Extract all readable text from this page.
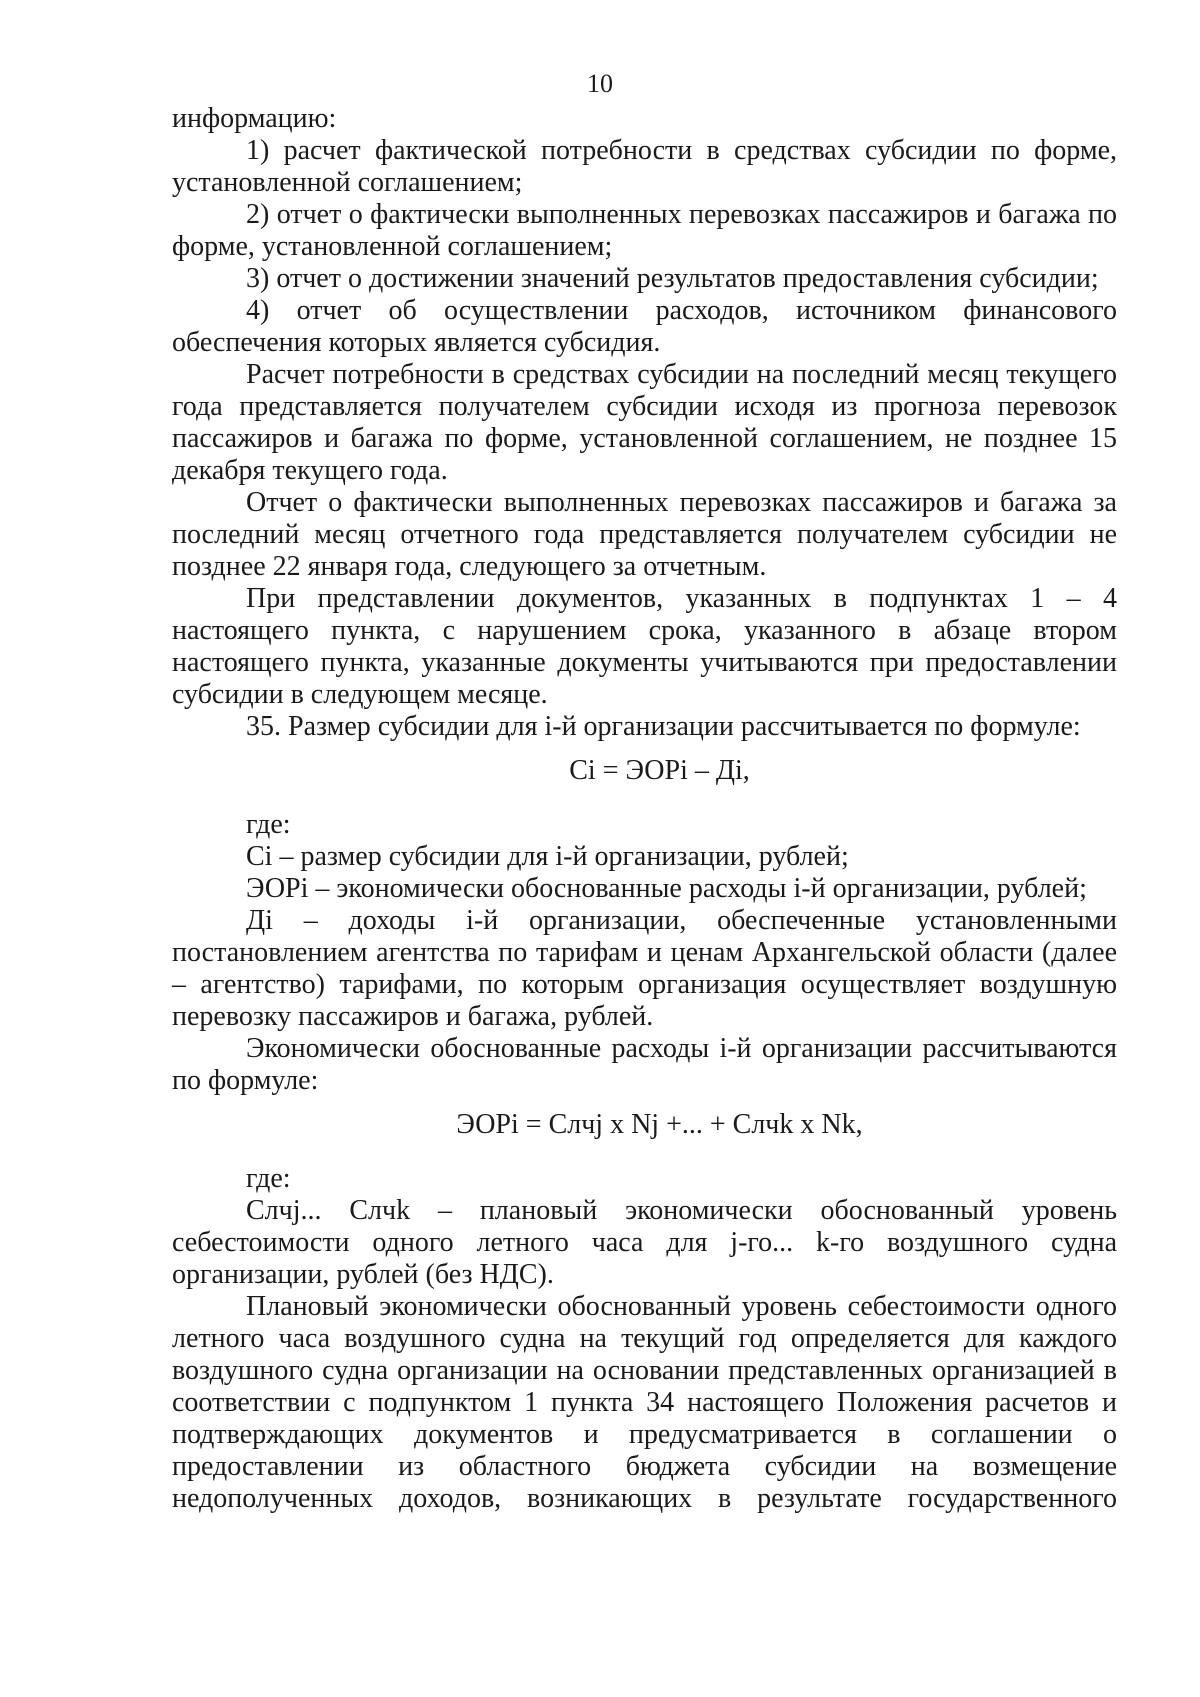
10

информацию:

1) расчет фактической потребности в средствах субсидии по форме, установленной соглашением;

2) отчет о фактически выполненных перевозках пассажиров и багажа по форме, установленной соглашением;

3) отчет о достижении значений результатов предоставления субсидии;

4) отчет об осуществлении расходов, источником финансового обеспечения которых является субсидия.

Расчет потребности в средствах субсидии на последний месяц текущего года представляется получателем субсидии исходя из прогноза перевозок пассажиров и багажа по форме, установленной соглашением, не позднее 15 декабря текущего года.

Отчет о фактически выполненных перевозках пассажиров и багажа за последний месяц отчетного года представляется получателем субсидии не позднее 22 января года, следующего за отчетным.

При представлении документов, указанных в подпунктах 1 – 4 настоящего пункта, с нарушением срока, указанного в абзаце втором настоящего пункта, указанные документы учитываются при предоставлении субсидии в следующем месяце.

35. Размер субсидии для i-й организации рассчитывается по формуле:

Ci = ЭОРi – Дi,

где:

Ci – размер субсидии для i-й организации, рублей;

ЭОРi – экономически обоснованные расходы i-й организации, рублей;

Дi – доходы i-й организации, обеспеченные установленными постановлением агентства по тарифам и ценам Архангельской области (далее – агентство) тарифами, по которым организация осуществляет воздушную перевозку пассажиров и багажа, рублей.

Экономически обоснованные расходы i-й организации рассчитываются по формуле:

ЭОРi = Слчj x Nj +... + Слчk x Nk,

где:

Слчj... Слчk – плановый экономически обоснованный уровень себестоимости одного летного часа для j-го... k-го воздушного судна организации, рублей (без НДС).

Плановый экономически обоснованный уровень себестоимости одного летного часа воздушного судна на текущий год определяется для каждого воздушного судна организации на основании представленных организацией в соответствии с подпунктом 1 пункта 34 настоящего Положения расчетов и подтверждающих документов и предусматривается в соглашении о предоставлении из областного бюджета субсидии на возмещение недополученных доходов, возникающих в результате государственного
